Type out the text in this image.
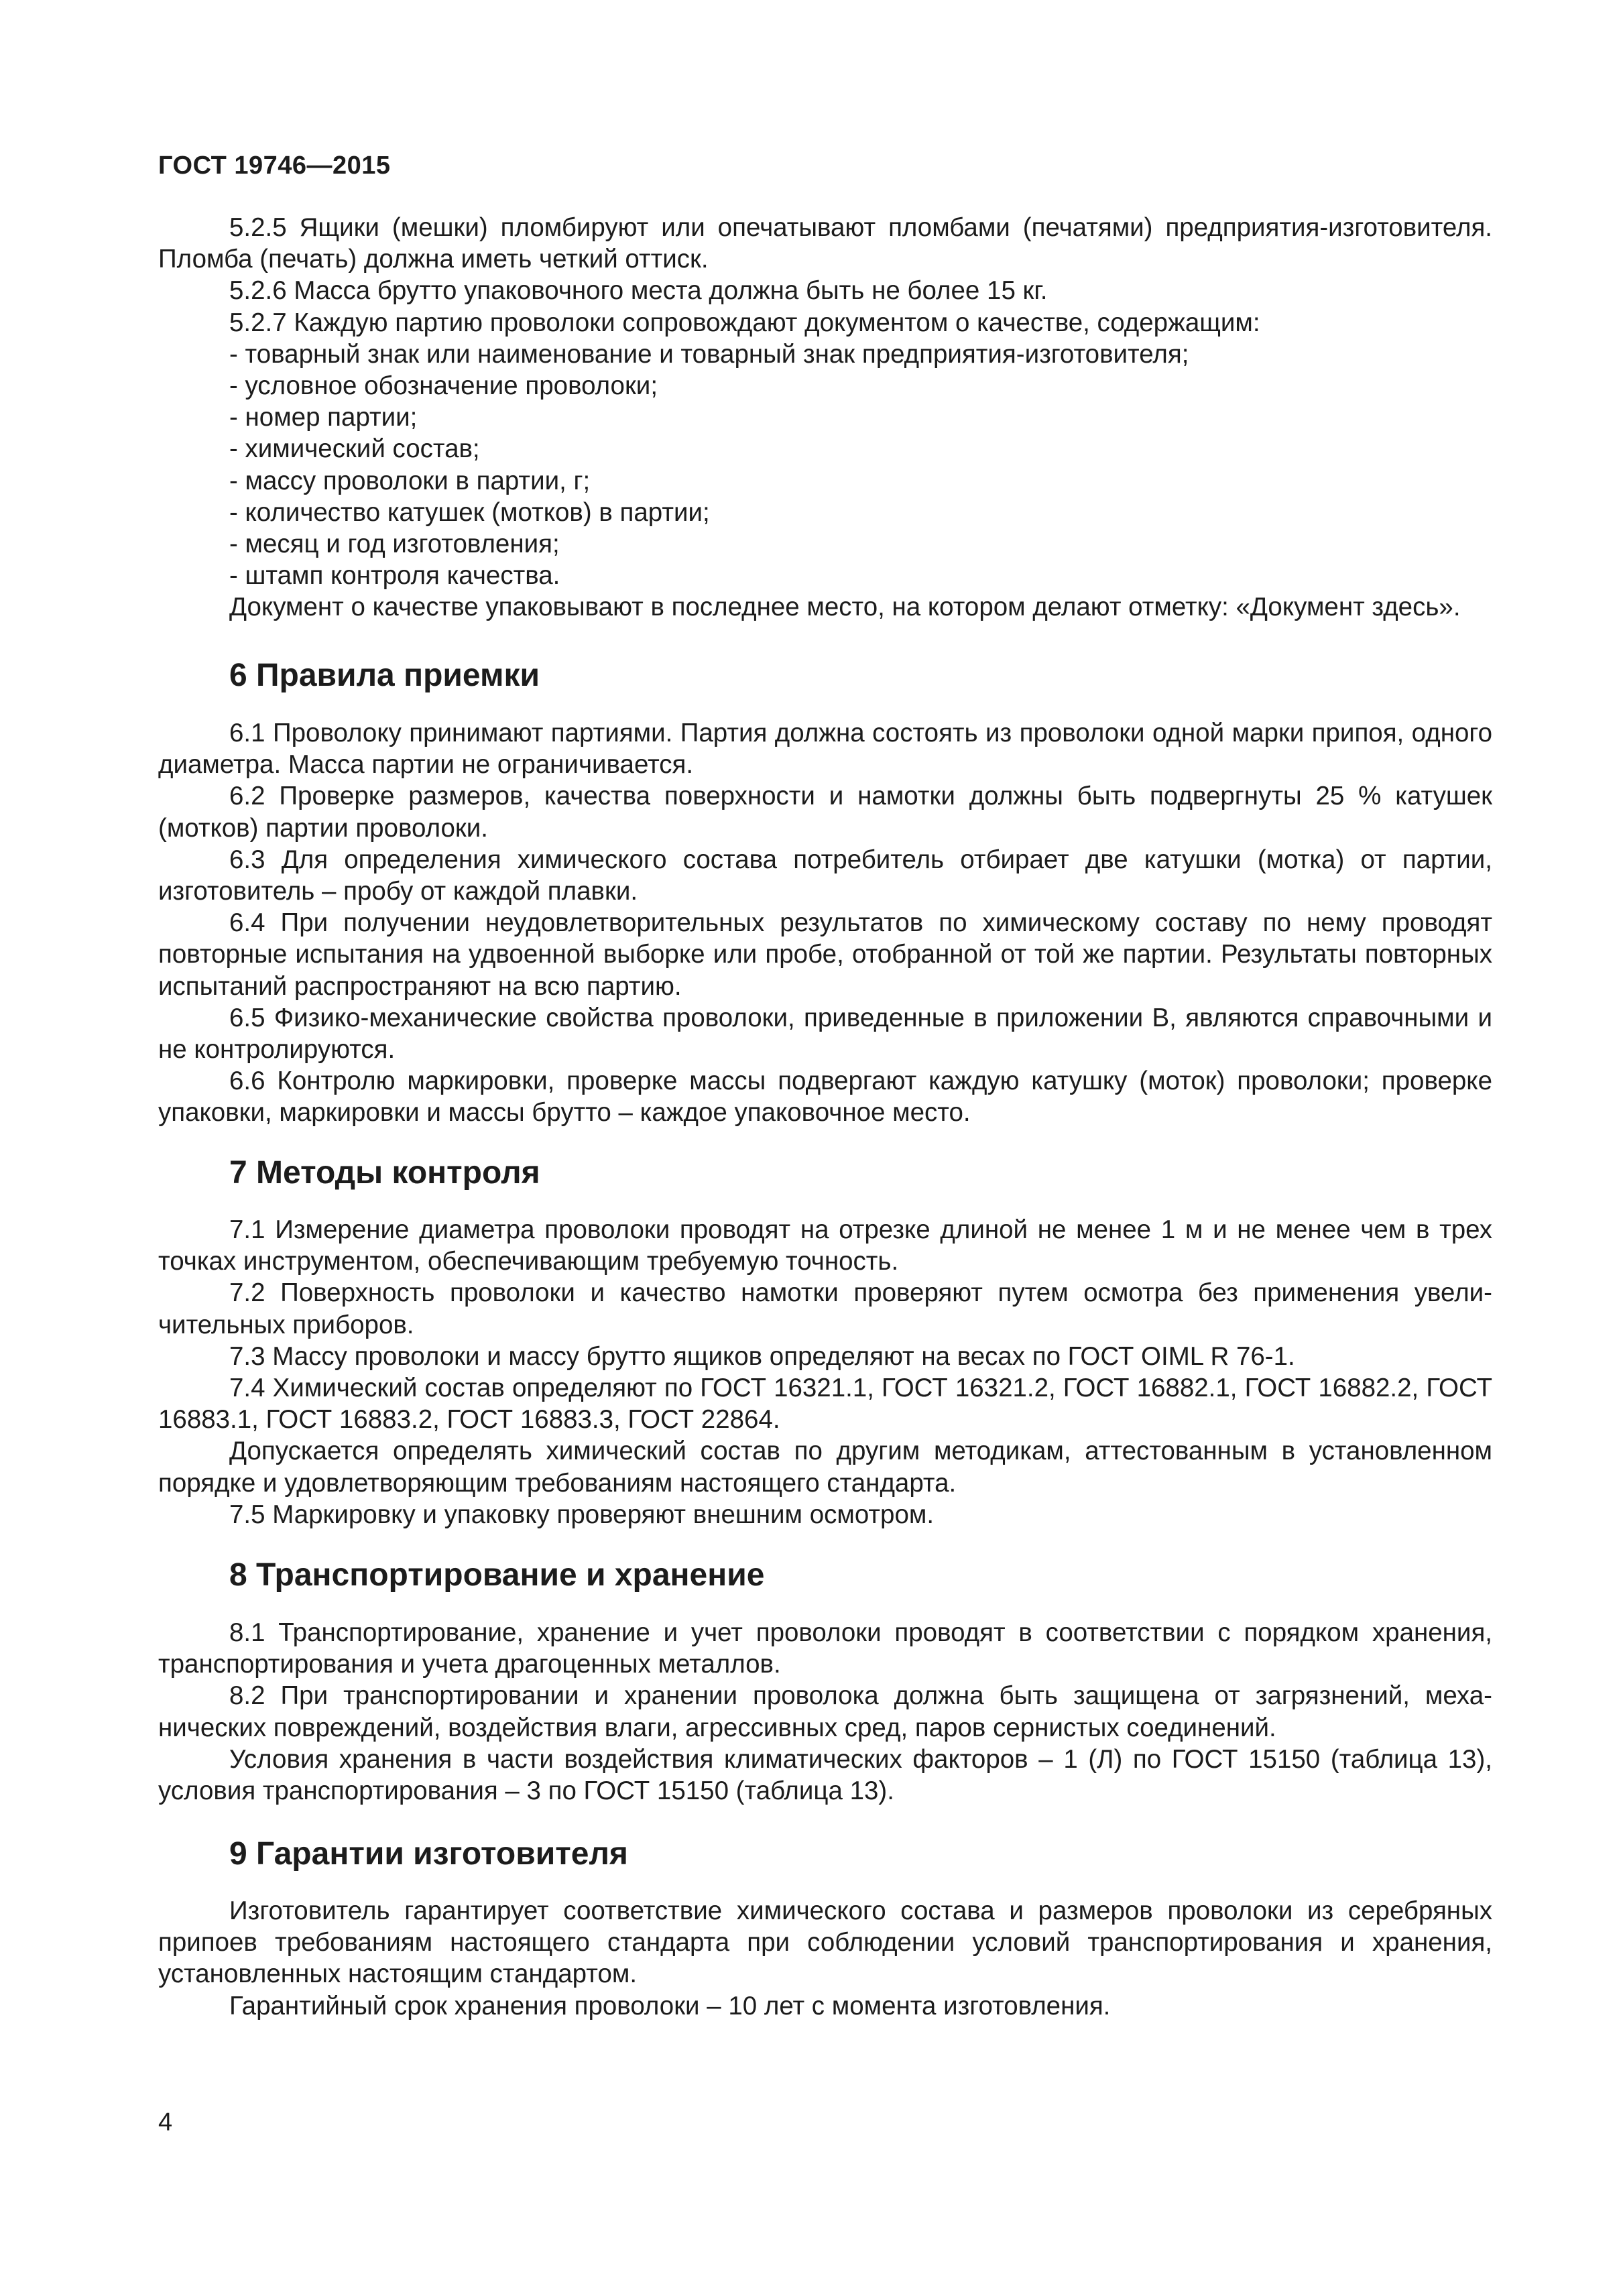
ГОСТ 19746—2015

5.2.5 Ящики (мешки) пломбируют или опечатывают пломбами (печатями) предприятия-изготовителя. Пломба (печать) должна иметь четкий оттиск.

5.2.6 Масса брутто упаковочного места должна быть не более 15 кг.

5.2.7 Каждую партию проволоки сопровождают документом о качестве, содержащим:

- товарный знак или наименование и товарный знак предприятия-изготовителя;

- условное обозначение проволоки;

- номер партии;

- химический состав;

- массу проволоки в партии, г;

- количество катушек (мотков) в партии;

- месяц и год изготовления;

- штамп контроля качества.

Документ о качестве упаковывают в последнее место, на котором делают отметку: «Документ здесь».

6 Правила приемки

6.1 Проволоку принимают партиями. Партия должна состоять из проволоки одной марки припоя, одного диаметра. Масса партии не ограничивается.

6.2 Проверке размеров, качества поверхности и намотки должны быть подвергнуты 25 % катушек (мотков) партии проволоки.

6.3 Для определения химического состава потребитель отбирает две катушки (мотка) от партии, изготовитель – пробу от каждой плавки.

6.4 При получении неудовлетворительных результатов по химическому составу по нему проводят повторные испытания на удвоенной выборке или пробе, отобранной от той же партии. Результаты повторных испытаний распространяют на всю партию.

6.5 Физико-механические свойства проволоки, приведенные в приложении В, являются справочными и не контролируются.

6.6 Контролю маркировки, проверке массы подвергают каждую катушку (моток) проволоки; проверке упаковки, маркировки и массы брутто – каждое упаковочное место.

7 Методы контроля

7.1 Измерение диаметра проволоки проводят на отрезке длиной не менее 1 м и не менее чем в трех точках инструментом, обеспечивающим требуемую точность.

7.2 Поверхность проволоки и качество намотки проверяют путем осмотра без применения увеличительных приборов.

7.3 Массу проволоки и массу брутто ящиков определяют на весах по ГОСТ OIML R 76-1.

7.4 Химический состав определяют по ГОСТ 16321.1, ГОСТ 16321.2, ГОСТ 16882.1, ГОСТ 16882.2, ГОСТ 16883.1, ГОСТ 16883.2, ГОСТ 16883.3, ГОСТ 22864.

Допускается определять химический состав по другим методикам, аттестованным в установленном порядке и удовлетворяющим требованиям настоящего стандарта.

7.5 Маркировку и упаковку проверяют внешним осмотром.

8 Транспортирование и хранение

8.1 Транспортирование, хранение и учет проволоки проводят в соответствии с порядком хранения, транспортирования и учета драгоценных металлов.

8.2 При транспортировании и хранении проволока должна быть защищена от загрязнений, механических повреждений, воздействия влаги, агрессивных сред, паров сернистых соединений.

Условия хранения в части воздействия климатических факторов – 1 (Л) по ГОСТ 15150 (таблица 13), условия транспортирования – 3 по ГОСТ 15150 (таблица 13).

9 Гарантии изготовителя

Изготовитель гарантирует соответствие химического состава и размеров проволоки из серебряных припоев требованиям настоящего стандарта при соблюдении условий транспортирования и хранения, установленных настоящим стандартом.

Гарантийный срок хранения проволоки – 10 лет с момента изготовления.

4
